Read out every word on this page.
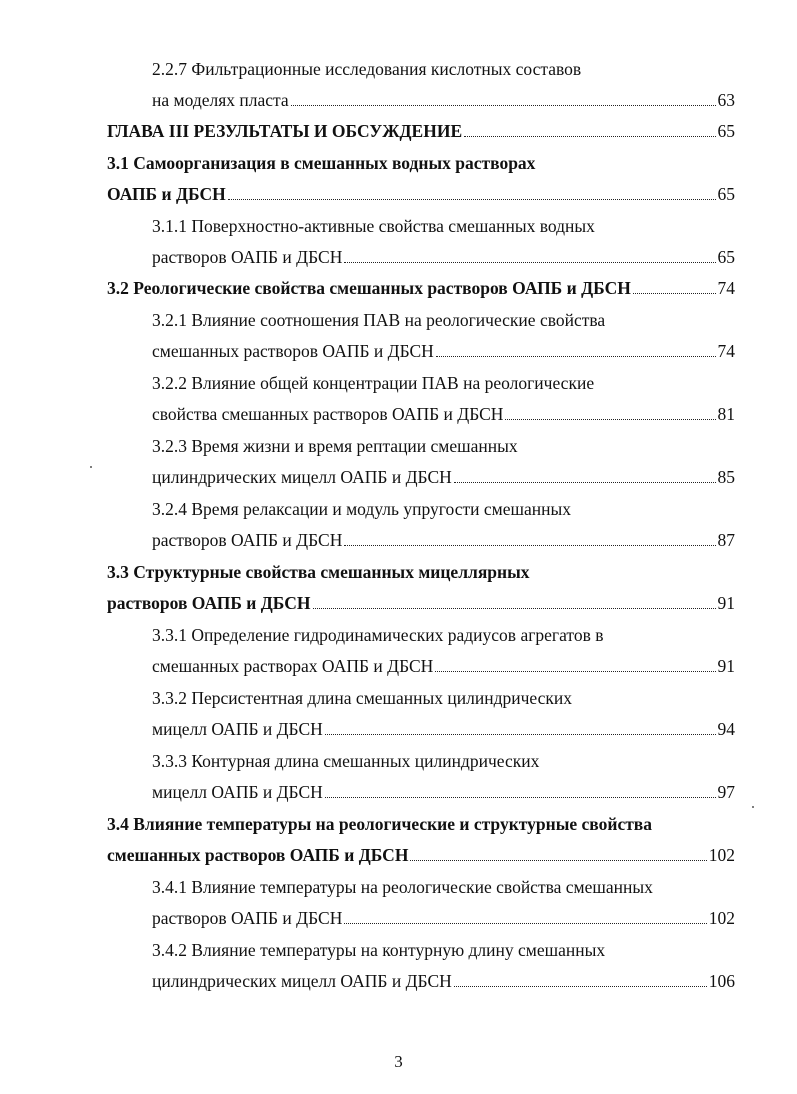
2.2.7 Фильтрационные исследования кислотных составов
на моделях пласта	63
ГЛАВА III РЕЗУЛЬТАТЫ И ОБСУЖДЕНИЕ	65
3.1 Самоорганизация в смешанных водных растворах
ОАПБ и ДБСН	65
3.1.1 Поверхностно-активные свойства смешанных водных
растворов ОАПБ и ДБСН	65
3.2 Реологические свойства смешанных растворов ОАПБ и ДБСН	74
3.2.1 Влияние соотношения ПАВ на реологические свойства
смешанных растворов ОАПБ и ДБСН	74
3.2.2 Влияние общей концентрации ПАВ на реологические
свойства смешанных растворов ОАПБ и ДБСН	81
3.2.3 Время жизни и время рептации смешанных
цилиндрических мицелл ОАПБ и ДБСН	85
3.2.4 Время релаксации и модуль упругости смешанных
растворов ОАПБ и ДБСН	87
3.3 Структурные свойства смешанных мицеллярных
растворов ОАПБ и ДБСН	91
3.3.1 Определение гидродинамических радиусов агрегатов в
смешанных растворах ОАПБ и ДБСН	91
3.3.2 Персистентная длина смешанных цилиндрических
мицелл ОАПБ и ДБСН	94
3.3.3 Контурная длина смешанных цилиндрических
мицелл ОАПБ и ДБСН	97
3.4 Влияние температуры на реологические и структурные свойства
смешанных растворов ОАПБ и ДБСН	102
3.4.1 Влияние температуры на реологические свойства смешанных
растворов ОАПБ и ДБСН	102
3.4.2 Влияние температуры на контурную длину смешанных
цилиндрических мицелл ОАПБ и ДБСН	106
3
